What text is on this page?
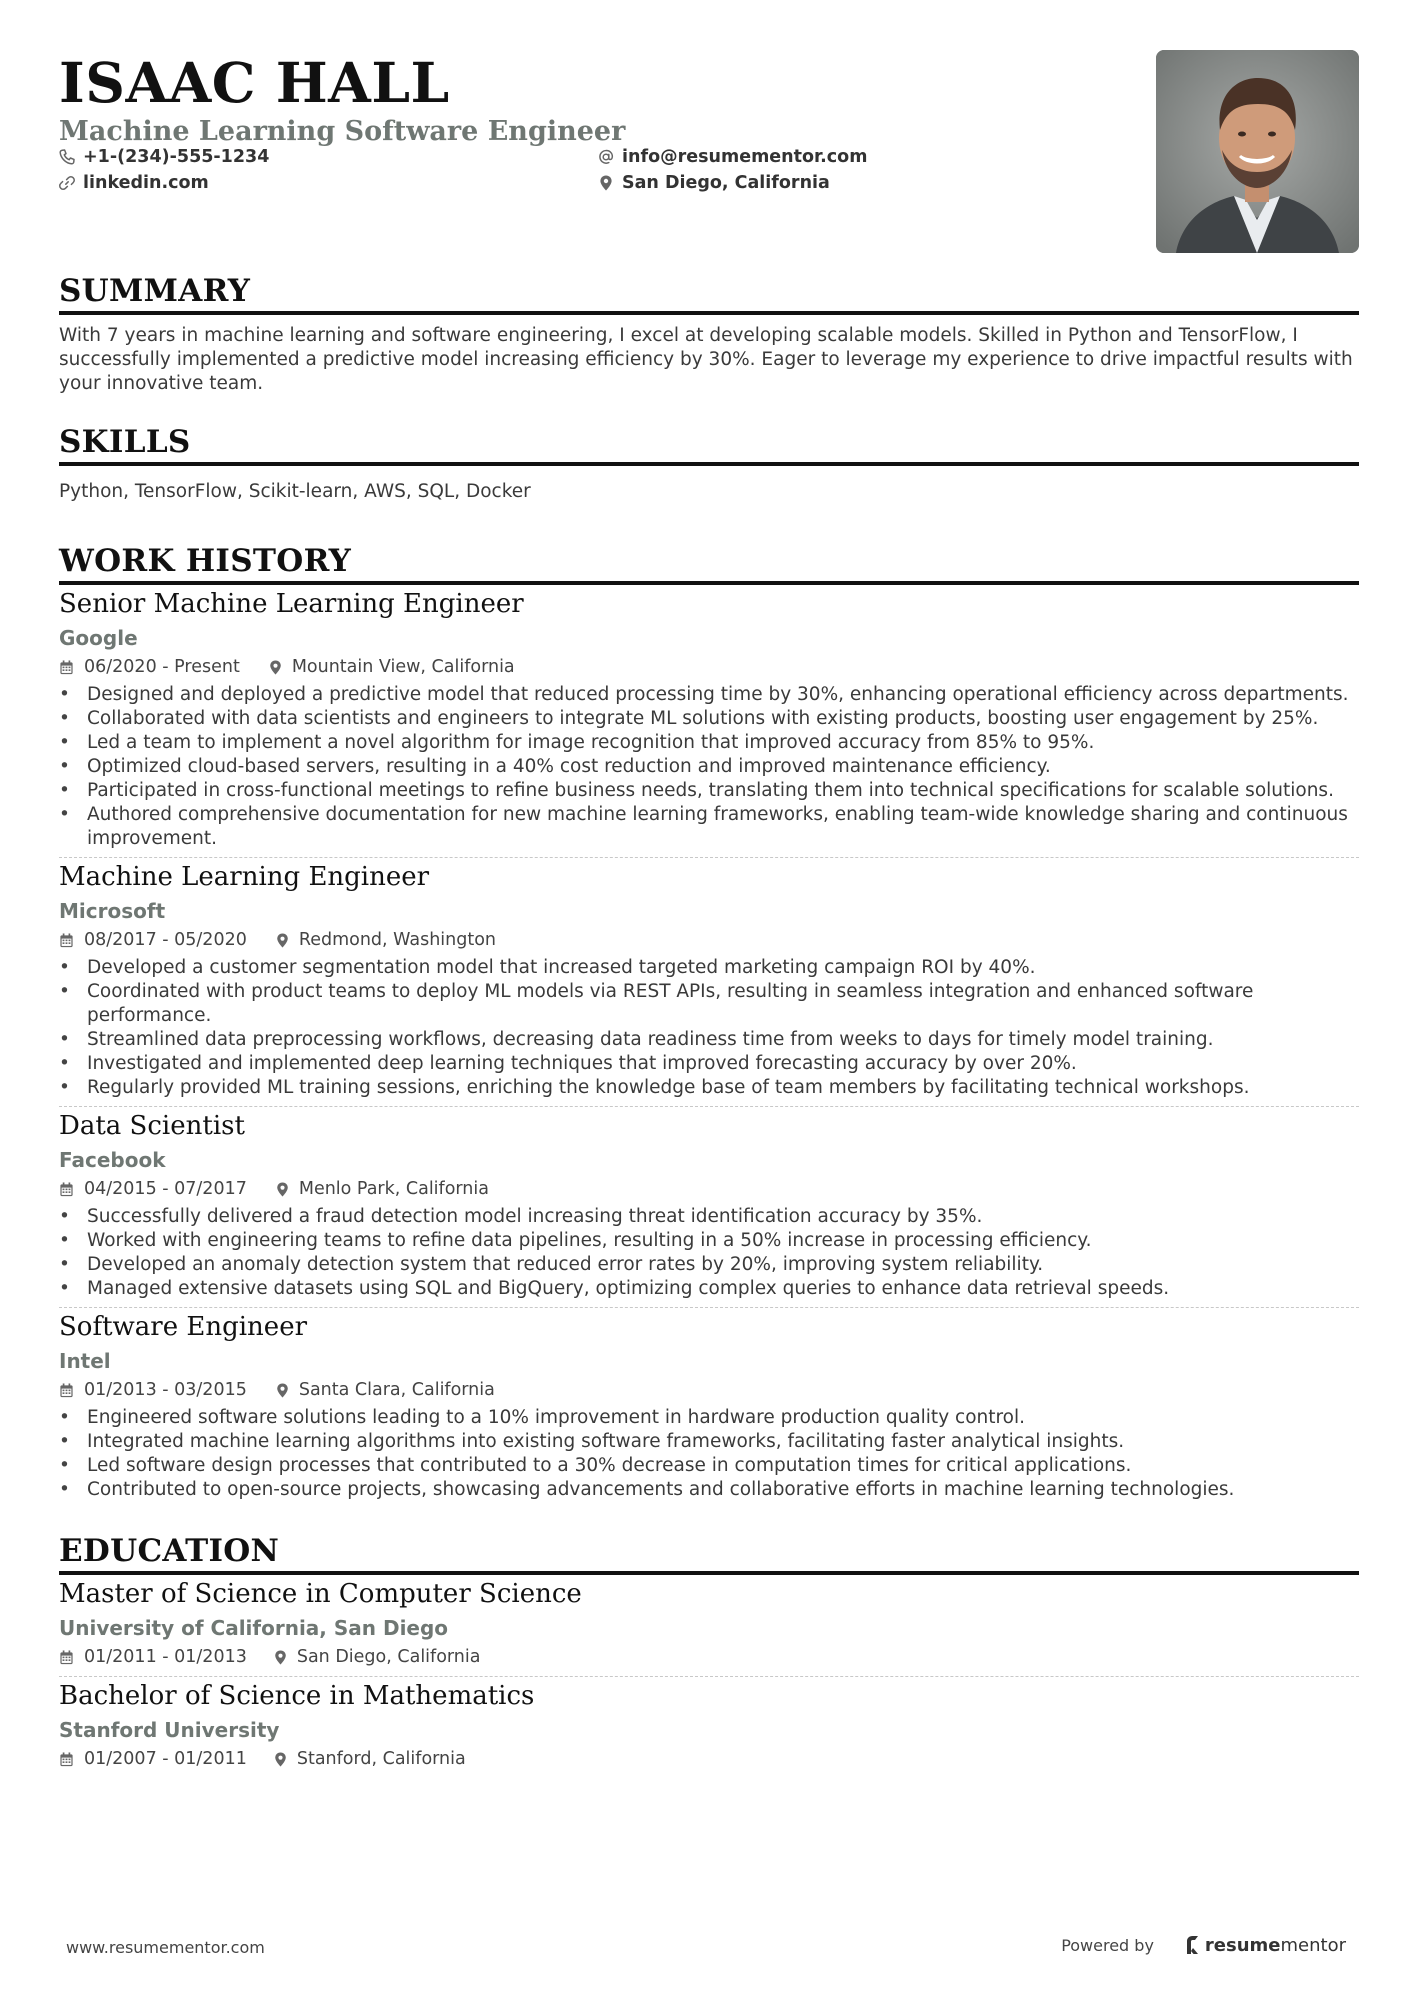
ISAAC HALL
Machine Learning Software Engineer
+1-(234)-555-1234	info@resumementor.com
linkedin.com	San Diego, California
SUMMARY
With 7 years in machine learning and software engineering, I excel at developing scalable models. Skilled in Python and TensorFlow, I successfully implemented a predictive model increasing efficiency by 30%. Eager to leverage my experience to drive impactful results with your innovative team.
SKILLS
Python, TensorFlow, Scikit-learn, AWS, SQL, Docker
WORK HISTORY
Senior Machine Learning Engineer
Google
06/2020 - Present	Mountain View, California
• Designed and deployed a predictive model that reduced processing time by 30%, enhancing operational efficiency across departments.
• Collaborated with data scientists and engineers to integrate ML solutions with existing products, boosting user engagement by 25%.
• Led a team to implement a novel algorithm for image recognition that improved accuracy from 85% to 95%.
• Optimized cloud-based servers, resulting in a 40% cost reduction and improved maintenance efficiency.
• Participated in cross-functional meetings to refine business needs, translating them into technical specifications for scalable solutions.
• Authored comprehensive documentation for new machine learning frameworks, enabling team-wide knowledge sharing and continuous improvement.
Machine Learning Engineer
Microsoft
08/2017 - 05/2020	Redmond, Washington
• Developed a customer segmentation model that increased targeted marketing campaign ROI by 40%.
• Coordinated with product teams to deploy ML models via REST APIs, resulting in seamless integration and enhanced software performance.
• Streamlined data preprocessing workflows, decreasing data readiness time from weeks to days for timely model training.
• Investigated and implemented deep learning techniques that improved forecasting accuracy by over 20%.
• Regularly provided ML training sessions, enriching the knowledge base of team members by facilitating technical workshops.
Data Scientist
Facebook
04/2015 - 07/2017	Menlo Park, California
• Successfully delivered a fraud detection model increasing threat identification accuracy by 35%.
• Worked with engineering teams to refine data pipelines, resulting in a 50% increase in processing efficiency.
• Developed an anomaly detection system that reduced error rates by 20%, improving system reliability.
• Managed extensive datasets using SQL and BigQuery, optimizing complex queries to enhance data retrieval speeds.
Software Engineer
Intel
01/2013 - 03/2015	Santa Clara, California
• Engineered software solutions leading to a 10% improvement in hardware production quality control.
• Integrated machine learning algorithms into existing software frameworks, facilitating faster analytical insights.
• Led software design processes that contributed to a 30% decrease in computation times for critical applications.
• Contributed to open-source projects, showcasing advancements and collaborative efforts in machine learning technologies.
EDUCATION
Master of Science in Computer Science
University of California, San Diego
01/2011 - 01/2013	San Diego, California
Bachelor of Science in Mathematics
Stanford University
01/2007 - 01/2011	Stanford, California
www.resumementor.com	Powered by	resume mentor
